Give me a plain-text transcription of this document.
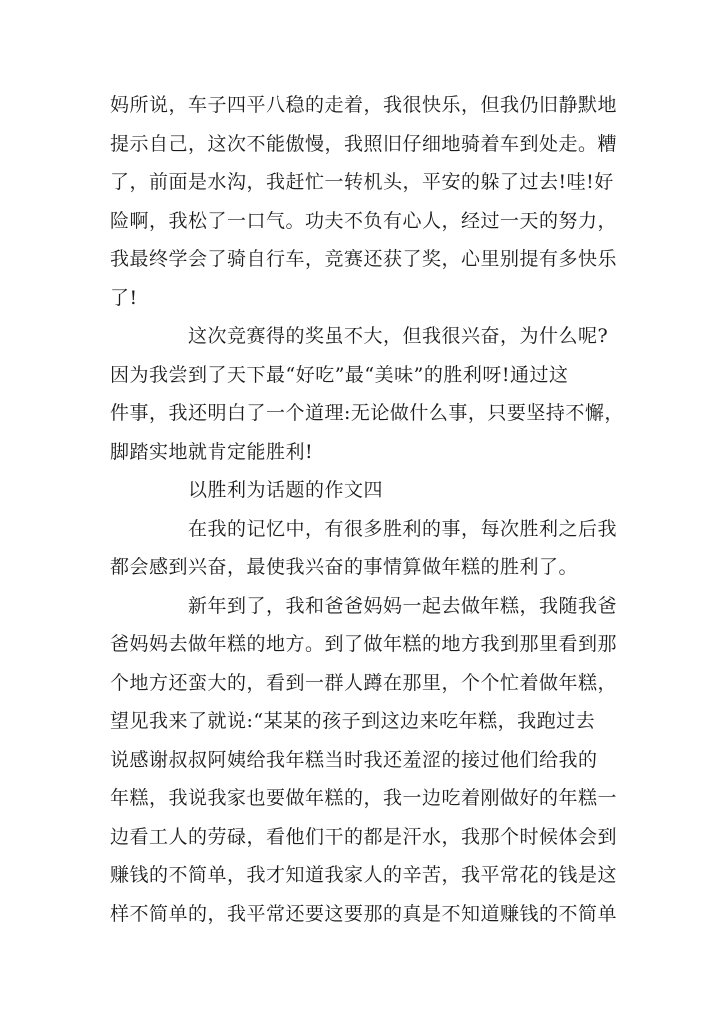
妈所说，车子四平八稳的走着，我很快乐，但我仍旧静默地
提示自己，这次不能傲慢，我照旧仔细地骑着车到处走。糟
了，前面是水沟，我赶忙一转机头，平安的躲了过去!哇!好
险啊，我松了一口气。功夫不负有心人，经过一天的努力，
我最终学会了骑自行车，竞赛还获了奖，心里别提有多快乐
了!
这次竞赛得的奖虽不大，但我很兴奋，为什么呢?
因为我尝到了天下最“好吃”最“美味”的胜利呀!通过这
件事，我还明白了一个道理:无论做什么事，只要坚持不懈，
脚踏实地就肯定能胜利!
以胜利为话题的作文四
在我的记忆中，有很多胜利的事，每次胜利之后我
都会感到兴奋，最使我兴奋的事情算做年糕的胜利了。
新年到了，我和爸爸妈妈一起去做年糕，我随我爸
爸妈妈去做年糕的地方。到了做年糕的地方我到那里看到那
个地方还蛮大的，看到一群人蹲在那里，个个忙着做年糕，
望见我来了就说:“某某的孩子到这边来吃年糕，我跑过去
说感谢叔叔阿姨给我年糕当时我还羞涩的接过他们给我的
年糕，我说我家也要做年糕的，我一边吃着刚做好的年糕一
边看工人的劳碌，看他们干的都是汗水，我那个时候体会到
赚钱的不简单，我才知道我家人的辛苦，我平常花的钱是这
样不简单的，我平常还要这要那的真是不知道赚钱的不简单
